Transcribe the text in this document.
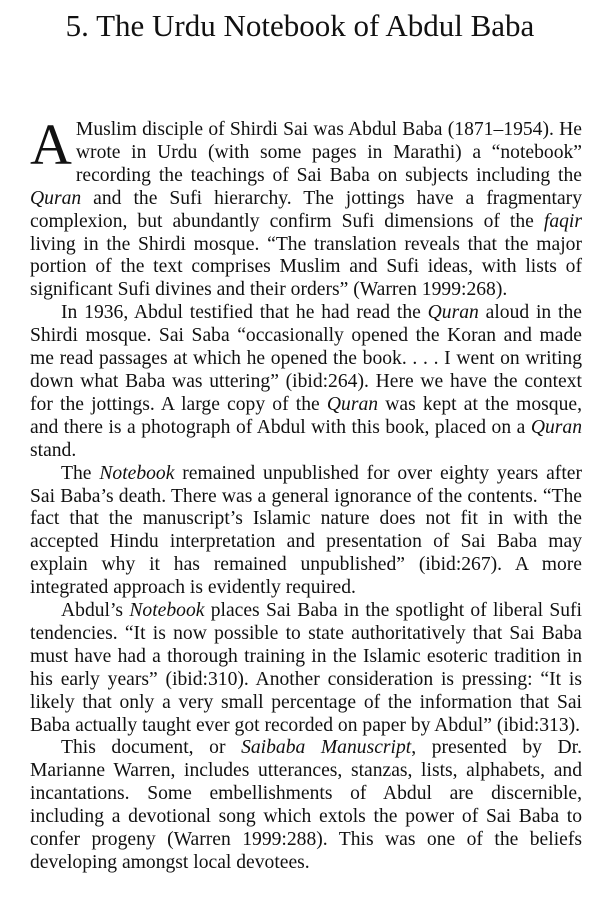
5. The Urdu Notebook of Abdul Baba

A Muslim disciple of Shirdi Sai was Abdul Baba (1871–1954). He wrote in Urdu (with some pages in Marathi) a “notebook” recording the teachings of Sai Baba on subjects including the Quran and the Sufi hierarchy. The jottings have a fragmentary complexion, but abundantly confirm Sufi dimensions of the faqir living in the Shirdi mosque. “The translation reveals that the major portion of the text comprises Muslim and Sufi ideas, with lists of significant Sufi divines and their orders” (Warren 1999:268).

In 1936, Abdul testified that he had read the Quran aloud in the Shirdi mosque. Sai Saba “occasionally opened the Koran and made me read passages at which he opened the book. . . . I went on writing down what Baba was uttering” (ibid:264). Here we have the context for the jottings. A large copy of the Quran was kept at the mosque, and there is a photograph of Abdul with this book, placed on a Quran stand.

The Notebook remained unpublished for over eighty years after Sai Baba’s death. There was a general ignorance of the contents. “The fact that the manuscript’s Islamic nature does not fit in with the accepted Hindu interpretation and presentation of Sai Baba may explain why it has remained unpublished” (ibid:267). A more integrated approach is evidently required.

Abdul’s Notebook places Sai Baba in the spotlight of liberal Sufi tendencies. “It is now possible to state authoritatively that Sai Baba must have had a thorough training in the Islamic esoteric tradition in his early years” (ibid:310). Another consideration is pressing: “It is likely that only a very small percentage of the information that Sai Baba actually taught ever got recorded on paper by Abdul” (ibid:313).

This document, or Saibaba Manuscript, presented by Dr. Marianne Warren, includes utterances, stanzas, lists, alphabets, and incantations. Some embellishments of Abdul are discernible, including a devotional song which extols the power of Sai Baba to confer progeny (Warren 1999:288). This was one of the beliefs developing amongst local devotees.
